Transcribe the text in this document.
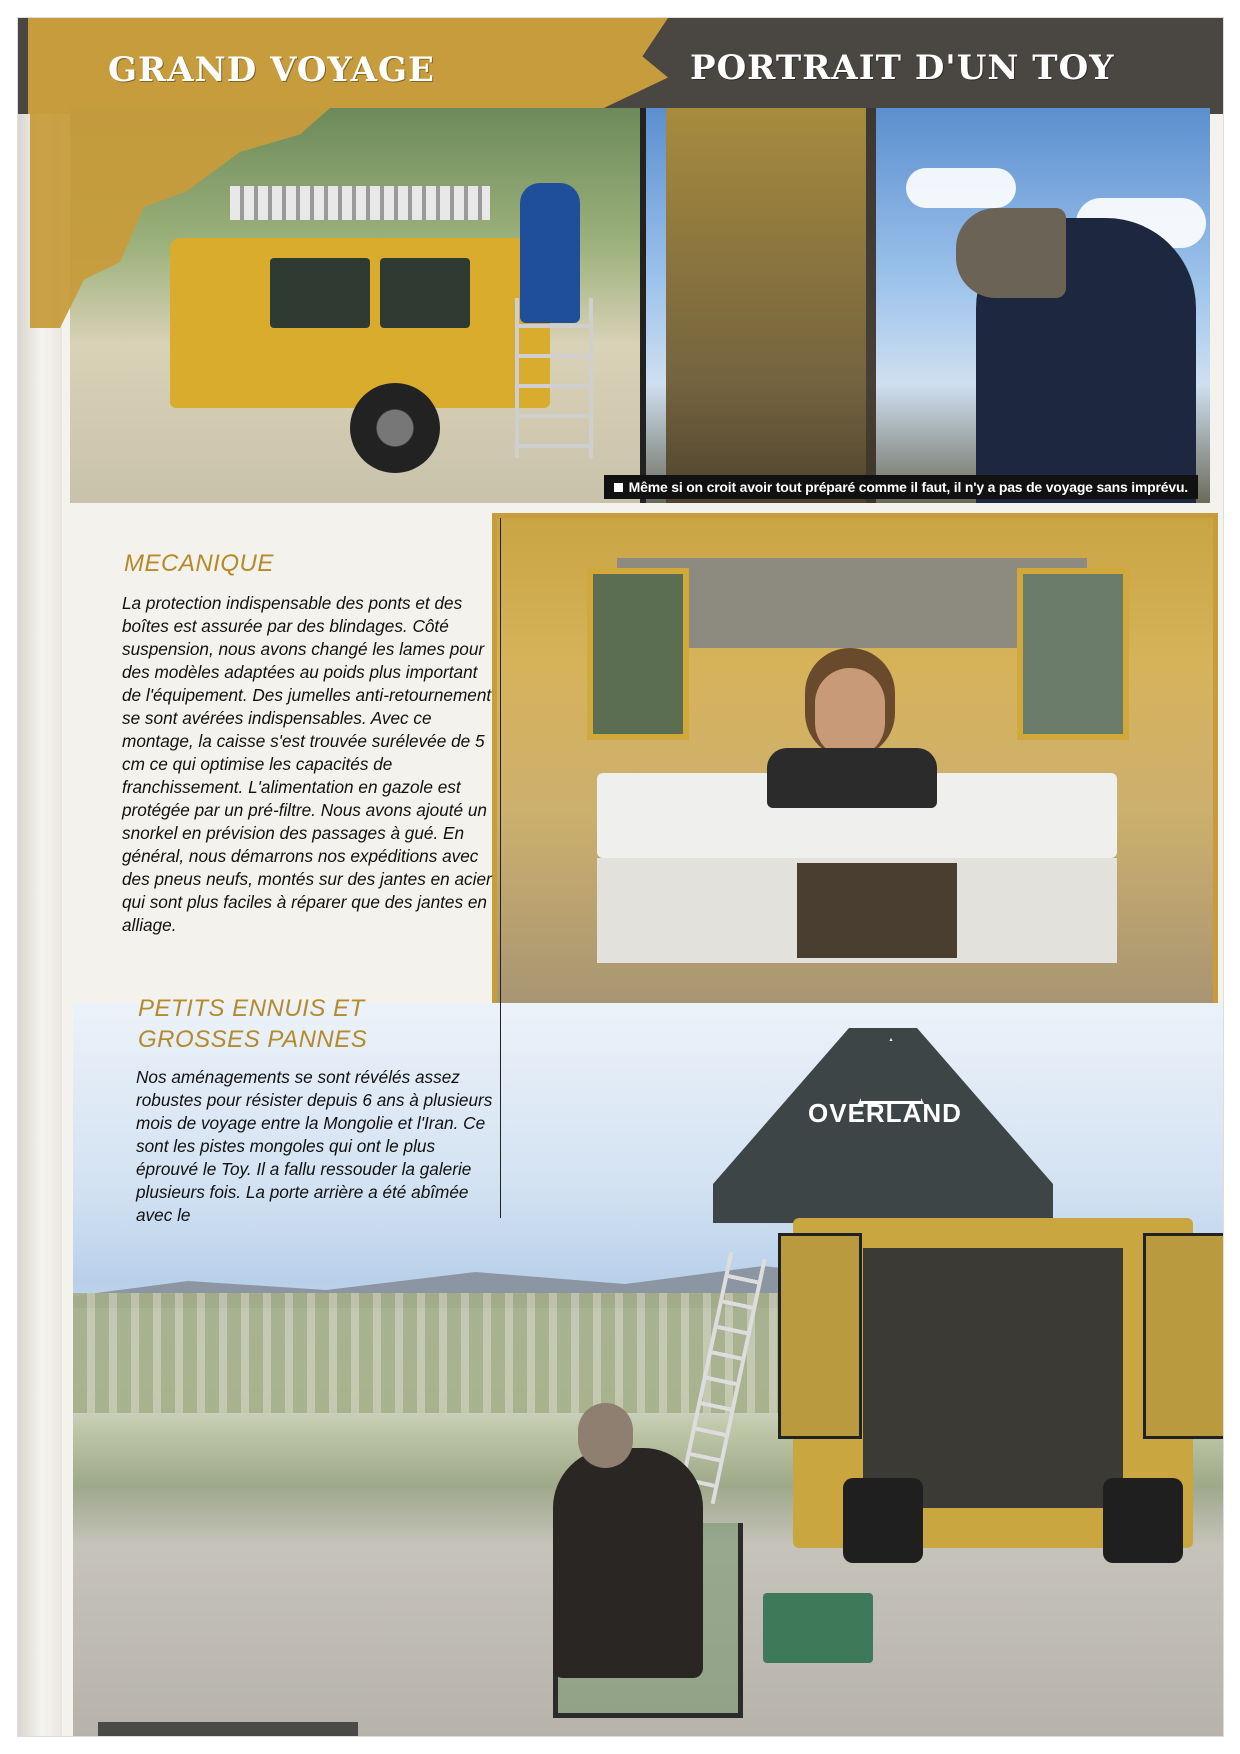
Même si on croit avoir tout préparé comme il faut, il n'y a pas de voyage sans imprévu.
GRAND VOYAGE	PORTRAIT D'UN TOY
OVERLAND
MECANIQUE

La protection indispensable des ponts et des boîtes est assurée par des blindages. Côté suspension, nous avons changé les lames pour des modèles adaptées au poids plus important de l'équipement. Des jumelles anti-retournement se sont avérées indispensables. Avec ce montage, la caisse s'est trouvée surélevée de 5 cm ce qui optimise les capacités de franchissement. L'alimentation en gazole est protégée par un pré-filtre. Nous avons ajouté un snorkel en prévision des passages à gué. En général, nous démarrons nos expéditions avec des pneus neufs, montés sur des jantes en acier qui sont plus faciles à réparer que des jantes en alliage.

PETITS ENNUIS ET GROSSES PANNES

Nos aménagements se sont révélés assez robustes pour résister depuis 6 ans à plusieurs mois de voyage entre la Mongolie et l'Iran. Ce sont les pistes mongoles qui ont le plus éprouvé le Toy. Il a fallu ressouder la galerie plusieurs fois. La porte arrière a été abîmée avec le
